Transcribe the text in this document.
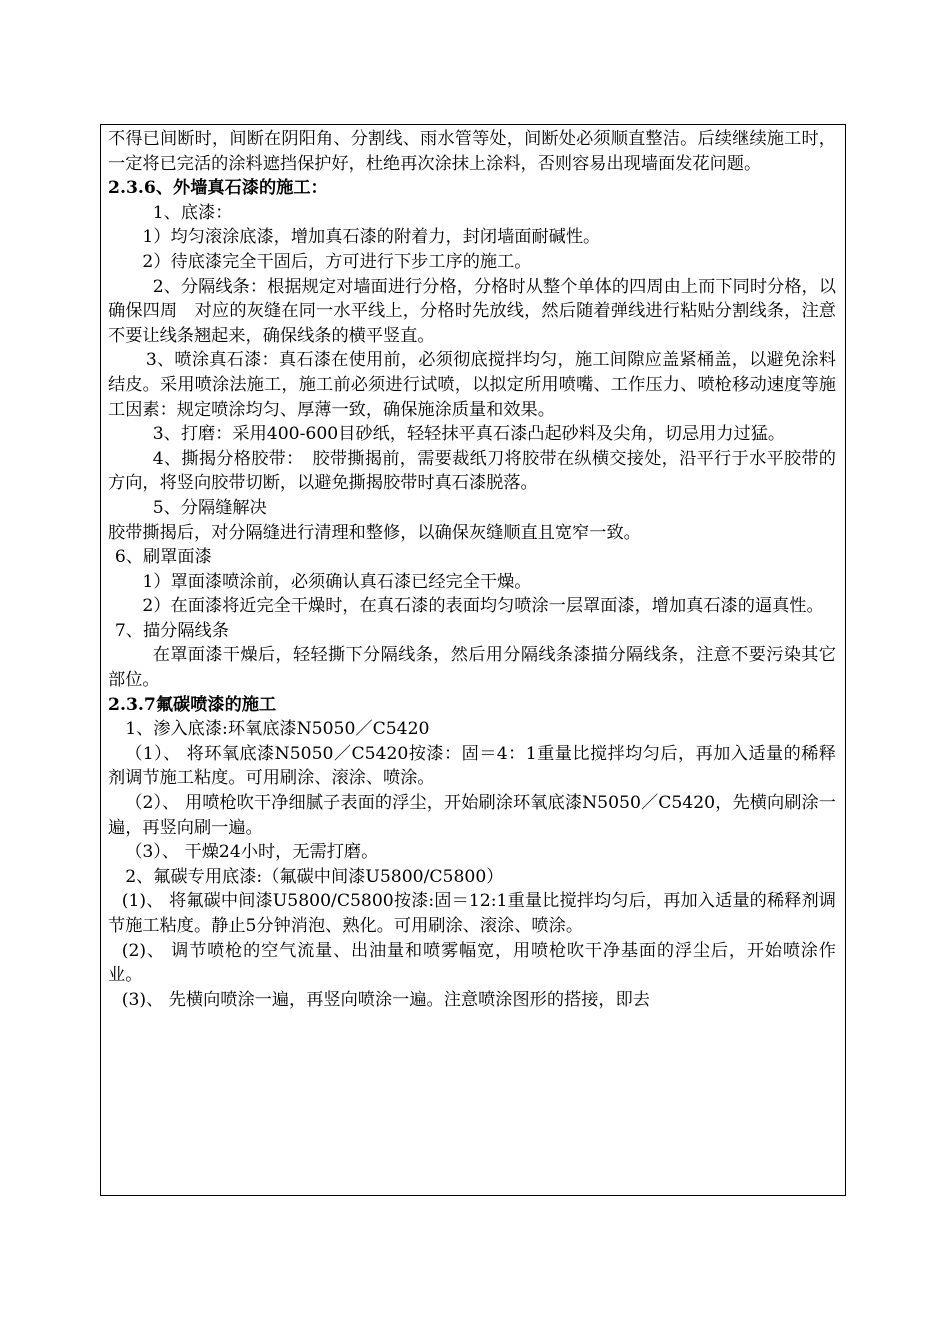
不得已间断时，间断在阴阳角、分割线、雨水管等处，间断处必须顺直整洁。后续继续施工时，一定将已完活的涂料遮挡保护好，杜绝再次涂抹上涂料，否则容易出现墙面发花问题。

2.3.6、外墙真石漆的施工：

1、底漆：

1）均匀滚涂底漆，增加真石漆的附着力，封闭墙面耐碱性。

2）待底漆完全干固后，方可进行下步工序的施工。

2、分隔线条：根据规定对墙面进行分格，分格时从整个单体的四周由上而下同时分格，以确保四周　对应的灰缝在同一水平线上，分格时先放线，然后随着弹线进行粘贴分割线条，注意不要让线条翘起来，确保线条的横平竖直。

3、喷涂真石漆：真石漆在使用前，必须彻底搅拌均匀，施工间隙应盖紧桶盖，以避免涂料结皮。采用喷涂法施工，施工前必须进行试喷，以拟定所用喷嘴、工作压力、喷枪移动速度等施工因素：规定喷涂均匀、厚薄一致，确保施涂质量和效果。

3、打磨：采用400-600目砂纸，轻轻抹平真石漆凸起砂料及尖角，切忌用力过猛。

4、撕揭分格胶带：　胶带撕揭前，需要裁纸刀将胶带在纵横交接处，沿平行于水平胶带的方向，将竖向胶带切断，以避免撕揭胶带时真石漆脱落。

5、分隔缝解决

胶带撕揭后，对分隔缝进行清理和整修，以确保灰缝顺直且宽窄一致。

6、刷罩面漆

1）罩面漆喷涂前，必须确认真石漆已经完全干燥。

2）在面漆将近完全干燥时，在真石漆的表面均匀喷涂一层罩面漆，增加真石漆的逼真性。

7、描分隔线条

在罩面漆干燥后，轻轻撕下分隔线条，然后用分隔线条漆描分隔线条，注意不要污染其它部位。

2.3.7氟碳喷漆的施工

1、渗入底漆:环氧底漆N5050／C5420

（1）、 将环氧底漆N5050／C5420按漆：固＝4：1重量比搅拌均匀后，再加入适量的稀释剂调节施工粘度。可用刷涂、滚涂、喷涂。

（2）、 用喷枪吹干净细腻子表面的浮尘，开始刷涂环氧底漆N5050／C5420，先横向刷涂一遍，再竖向刷一遍。

（3）、 干燥24小时，无需打磨。

2、氟碳专用底漆:（氟碳中间漆U5800/C5800）

(1)、 将氟碳中间漆U5800/C5800按漆:固＝12:1重量比搅拌均匀后，再加入适量的稀释剂调节施工粘度。静止5分钟消泡、熟化。可用刷涂、滚涂、喷涂。

(2)、 调节喷枪的空气流量、出油量和喷雾幅宽，用喷枪吹干净基面的浮尘后，开始喷涂作业。

(3)、 先横向喷涂一遍，再竖向喷涂一遍。注意喷涂图形的搭接，即去
